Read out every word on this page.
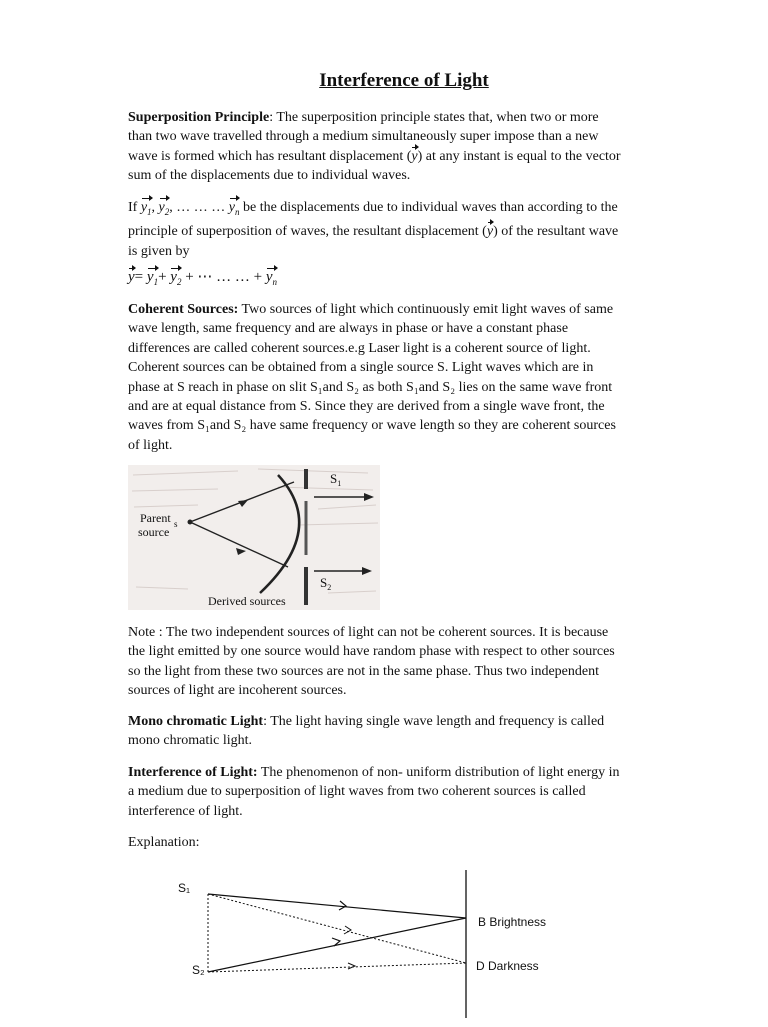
Interference of Light

Superposition Principle: The superposition principle states that, when two or more
than two wave travelled through a medium simultaneously super impose than a new
wave is formed which has resultant displacement (y) at any instant is equal to the vector
sum of the displacements due to individual waves.

If $y_1$, $y_2$, … … … $y_n$ be the displacements due to individual waves than according to the
principle of superposition of waves, the resultant displacement (y) of the resultant wave
is given by

$y= y_1+ y_2$ + ⋯ … … + $y_n$

Coherent Sources: Two sources of light which continuously emit light waves of same
wave length, same frequency and are always in phase or have a constant phase
differences are called coherent sources.e.g Laser light is a coherent source of light.
Coherent sources can be obtained from a single source S. Light waves which are in
phase at S reach in phase on slit S₁and S₂ as both S₁and S₂ lies on the same wave front
and are at equal distance from S. Since they are derived from a single wave front, the
waves from S₁and S₂ have same frequency or wave length so they are coherent sources
of light.

Parent s
source
$S_1$
$S_2$
Derived sources

Note : The two independent sources of light can not be coherent sources. It is because
the light emitted by one source would have random phase with respect to other sources
so the light from these two sources are not in the same phase. Thus two independent
sources of light are incoherent sources.

Mono chromatic Light: The light having single wave length and frequency is called
mono chromatic light.

Interference of Light: The phenomenon of non- uniform distribution of light energy in
a medium due to superposition of light waves from two coherent sources is called
interference of light.

Explanation:

S₁
S₂
B Brightness
D Darkness
